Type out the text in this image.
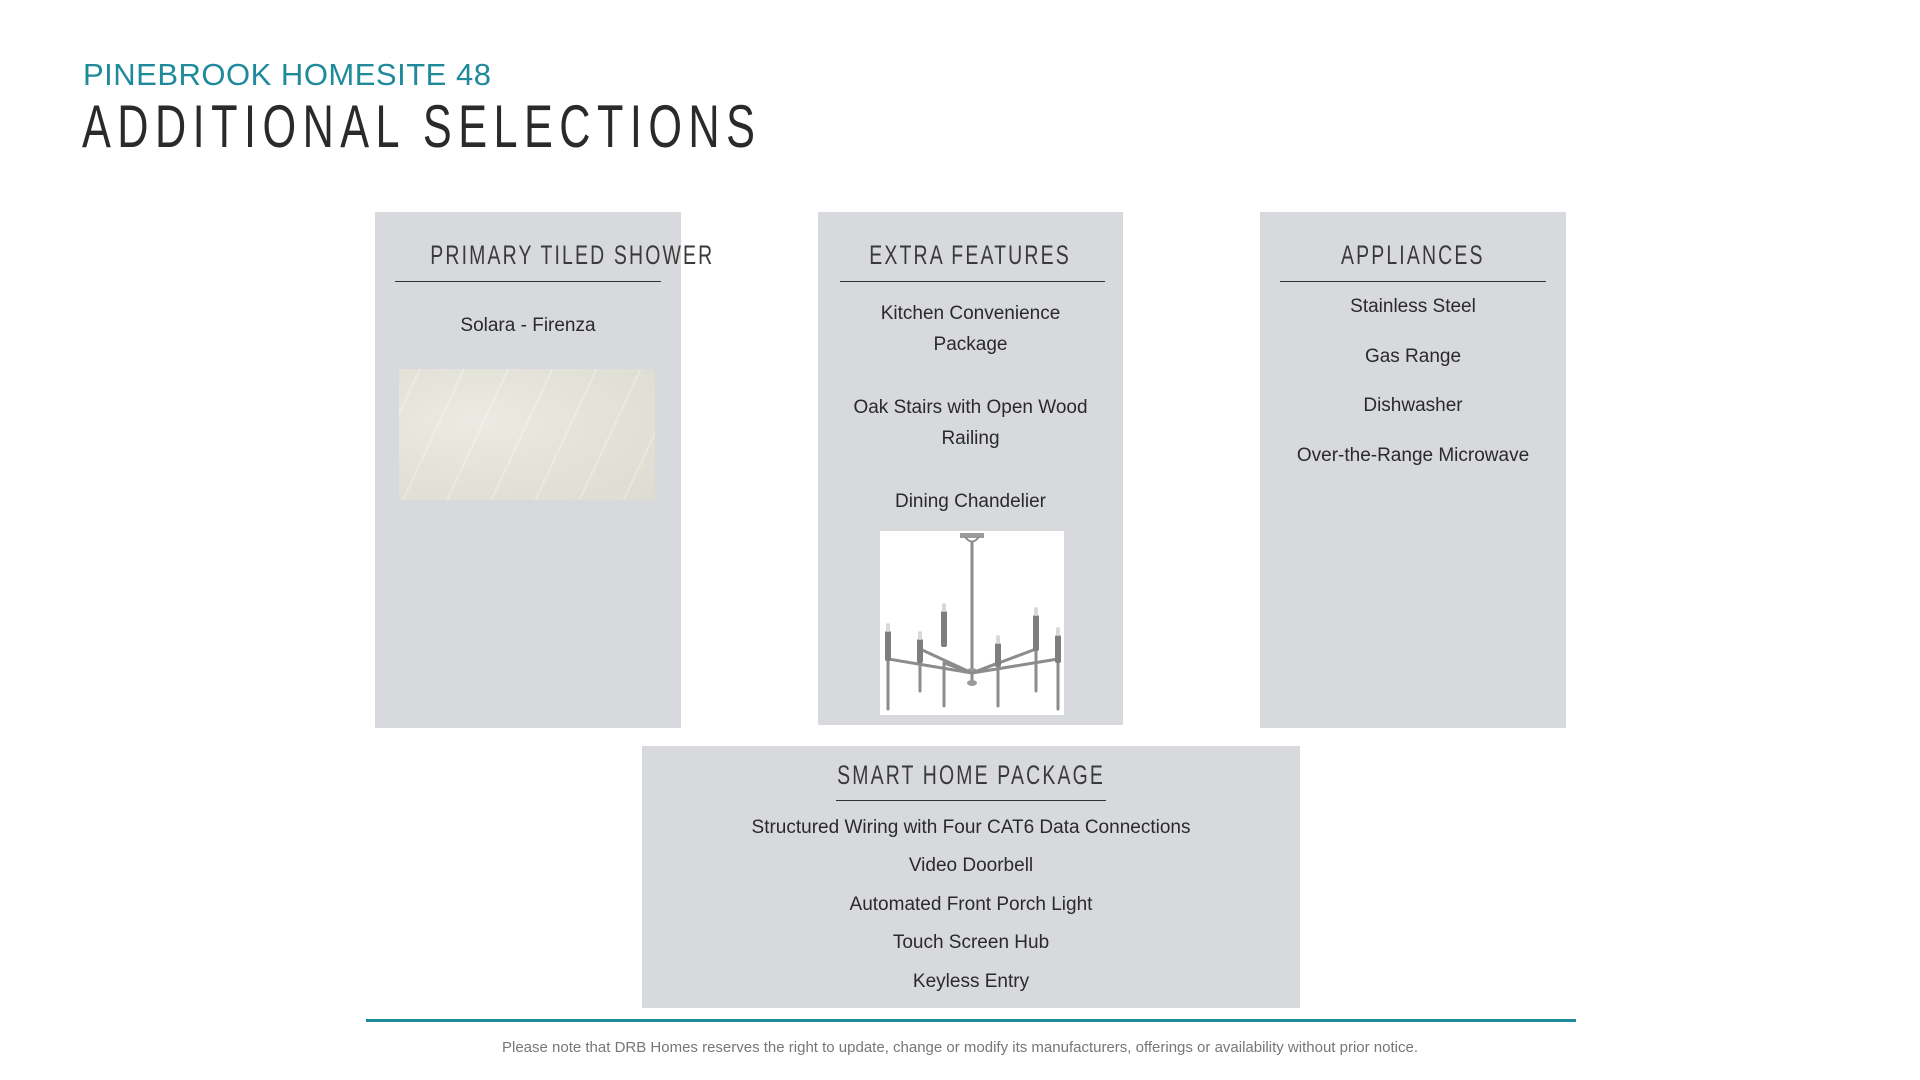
PINEBROOK HOMESITE 48
ADDITIONAL SELECTIONS
PRIMARY TILED SHOWER
Solara - Firenza
EXTRA FEATURES
Kitchen Convenience
Package
Oak Stairs with Open Wood
Railing
Dining Chandelier
APPLIANCES
Stainless Steel
Gas Range
Dishwasher
Over-the-Range Microwave
SMART HOME PACKAGE
Structured Wiring with Four CAT6 Data Connections
Video Doorbell
Automated Front Porch Light
Touch Screen Hub
Keyless Entry
Please note that DRB Homes reserves the right to update, change or modify its manufacturers, offerings or availability without prior notice.
